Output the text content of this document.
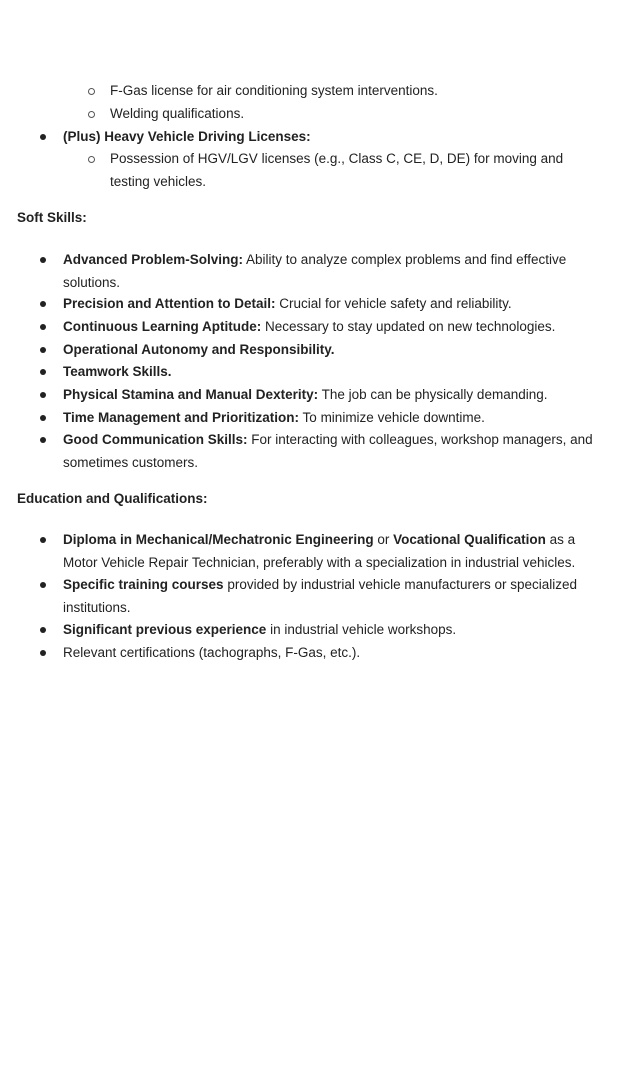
F-Gas license for air conditioning system interventions.
Welding qualifications.
(Plus) Heavy Vehicle Driving Licenses:
Possession of HGV/LGV licenses (e.g., Class C, CE, D, DE) for moving and
testing vehicles.
Soft Skills:
Advanced Problem-Solving: Ability to analyze complex problems and find effective
solutions.
Precision and Attention to Detail: Crucial for vehicle safety and reliability.
Continuous Learning Aptitude: Necessary to stay updated on new technologies.
Operational Autonomy and Responsibility.
Teamwork Skills.
Physical Stamina and Manual Dexterity: The job can be physically demanding.
Time Management and Prioritization: To minimize vehicle downtime.
Good Communication Skills: For interacting with colleagues, workshop managers, and
sometimes customers.
Education and Qualifications:
Diploma in Mechanical/Mechatronic Engineering or Vocational Qualification as a
Motor Vehicle Repair Technician, preferably with a specialization in industrial vehicles.
Specific training courses provided by industrial vehicle manufacturers or specialized
institutions.
Significant previous experience in industrial vehicle workshops.
Relevant certifications (tachographs, F-Gas, etc.).
